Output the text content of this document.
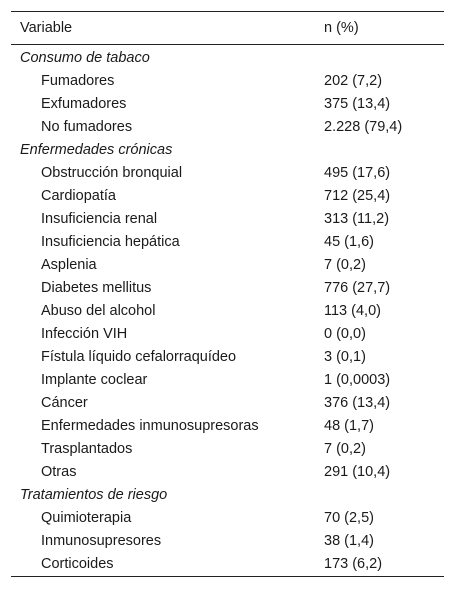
Variable	n (%)
Consumo de tabaco	
Fumadores	202 (7,2)
Exfumadores	375 (13,4)
No fumadores	2.228 (79,4)
Enfermedades crónicas	
Obstrucción bronquial	495 (17,6)
Cardiopatía	712 (25,4)
Insuficiencia renal	313 (11,2)
Insuficiencia hepática	45 (1,6)
Asplenia	7 (0,2)
Diabetes mellitus	776 (27,7)
Abuso del alcohol	113 (4,0)
Infección VIH	0 (0,0)
Fístula líquido cefalorraquídeo	3 (0,1)
Implante coclear	1 (0,0003)
Cáncer	376 (13,4)
Enfermedades inmunosupresoras	48 (1,7)
Trasplantados	7 (0,2)
Otras	291 (10,4)
Tratamientos de riesgo	
Quimioterapia	70 (2,5)
Inmunosupresores	38 (1,4)
Corticoides	173 (6,2)
